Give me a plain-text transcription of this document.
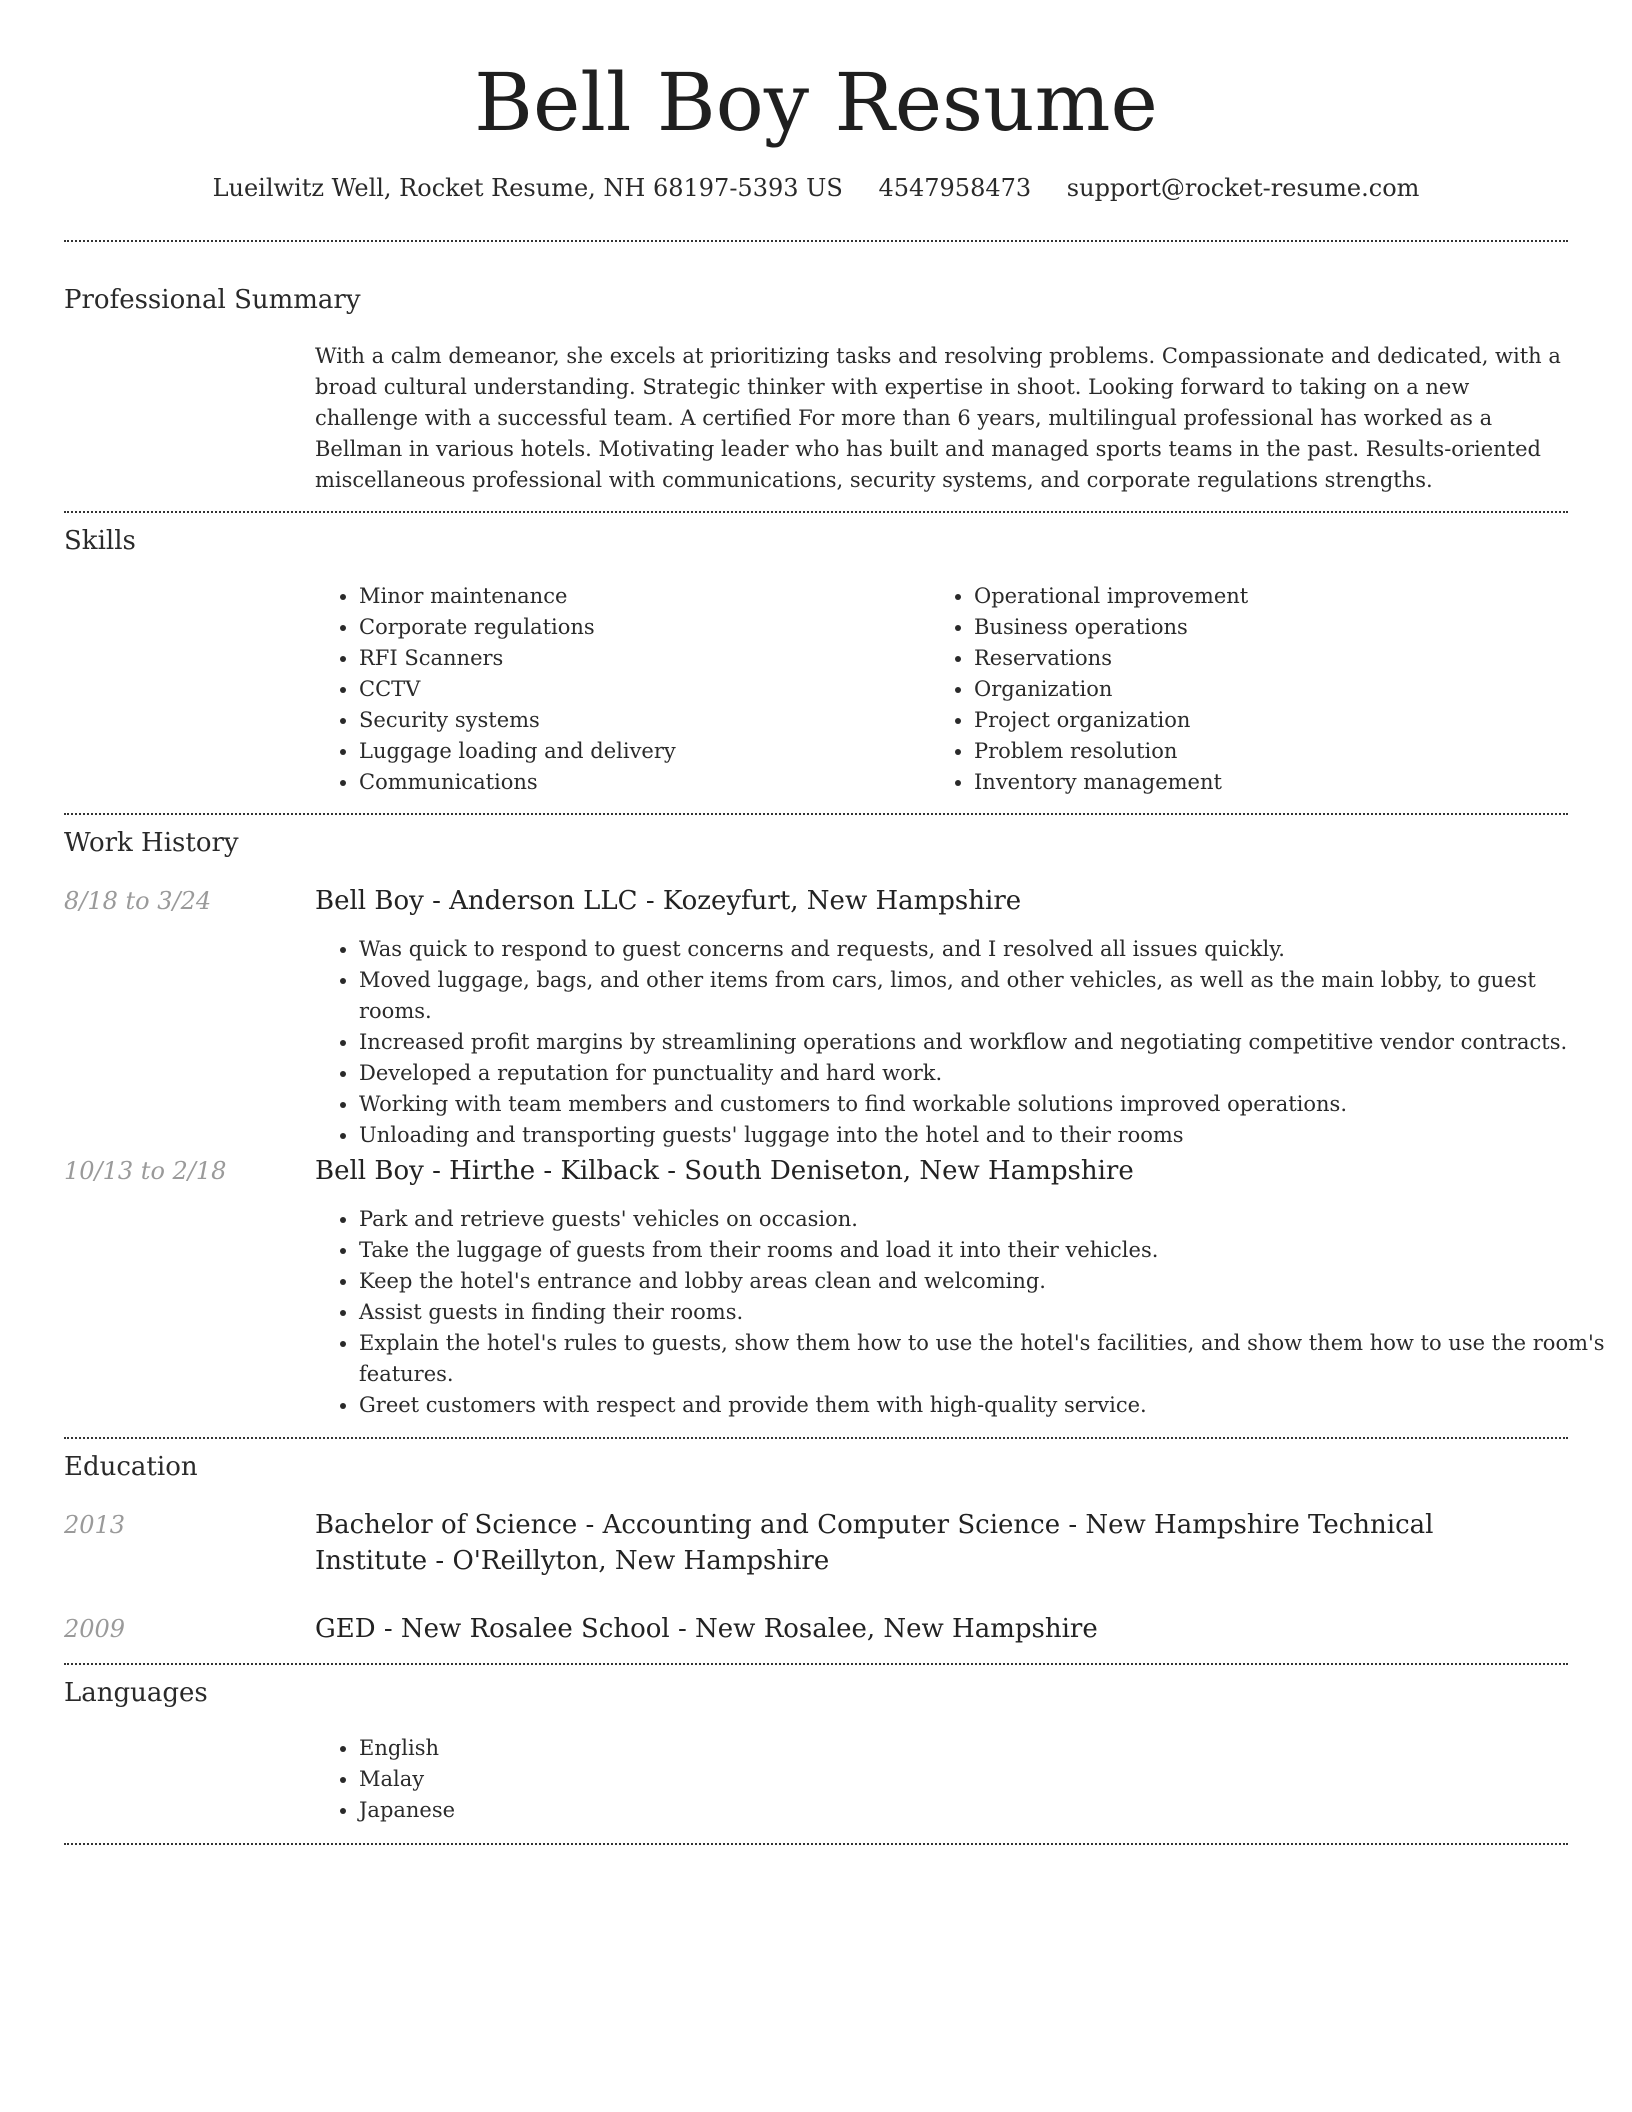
Bell Boy Resume
Lueilwitz Well, Rocket Resume, NH 68197-5393 US 4547958473 support@rocket-resume.com
Professional Summary
With a calm demeanor, she excels at prioritizing tasks and resolving problems. Compassionate and dedicated, with a broad cultural understanding. Strategic thinker with expertise in shoot. Looking forward to taking on a new challenge with a successful team. A certified For more than 6 years, multilingual professional has worked as a Bellman in various hotels. Motivating leader who has built and managed sports teams in the past. Results-oriented miscellaneous professional with communications, security systems, and corporate regulations strengths.
Skills
• Minor maintenance
• Corporate regulations
• RFI Scanners
• CCTV
• Security systems
• Luggage loading and delivery
• Communications
• Operational improvement
• Business operations
• Reservations
• Organization
• Project organization
• Problem resolution
• Inventory management
Work History
8/18 to 3/24	Bell Boy - Anderson LLC - Kozeyfurt, New Hampshire
• Was quick to respond to guest concerns and requests, and I resolved all issues quickly.
• Moved luggage, bags, and other items from cars, limos, and other vehicles, as well as the main lobby, to guest rooms.
• Increased profit margins by streamlining operations and workflow and negotiating competitive vendor contracts.
• Developed a reputation for punctuality and hard work.
• Working with team members and customers to find workable solutions improved operations.
• Unloading and transporting guests' luggage into the hotel and to their rooms
10/13 to 2/18	Bell Boy - Hirthe - Kilback - South Deniseton, New Hampshire
• Park and retrieve guests' vehicles on occasion.
• Take the luggage of guests from their rooms and load it into their vehicles.
• Keep the hotel's entrance and lobby areas clean and welcoming.
• Assist guests in finding their rooms.
• Explain the hotel's rules to guests, show them how to use the hotel's facilities, and show them how to use the room's features.
• Greet customers with respect and provide them with high-quality service.
Education
2013	Bachelor of Science - Accounting and Computer Science - New Hampshire Technical Institute - O'Reillyton, New Hampshire
2009	GED - New Rosalee School - New Rosalee, New Hampshire
Languages
• English
• Malay
• Japanese
